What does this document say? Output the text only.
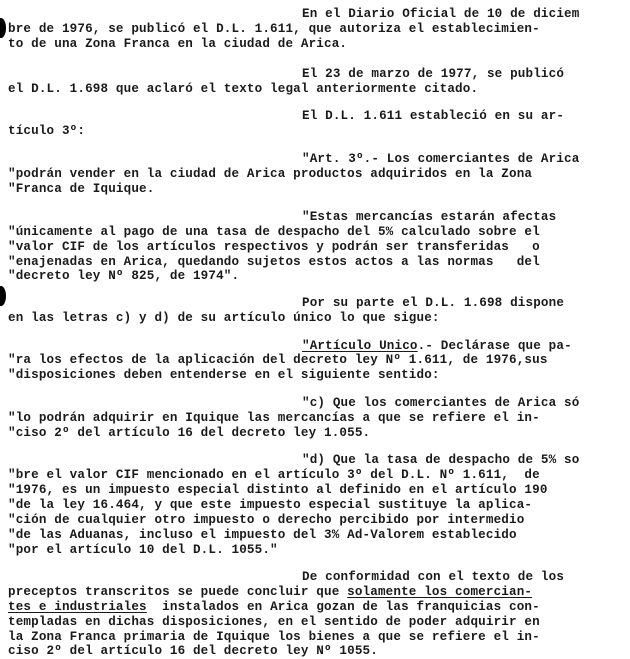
En el Diario Oficial de 10 de diciem
bre de 1976, se publicó el D.L. 1.611, que autoriza el establecimien-
to de una Zona Franca en la ciudad de Arica.
El 23 de marzo de 1977, se publicó
el D.L. 1.698 que aclaró el texto legal anteriormente citado.
El D.L. 1.611 estableció en su ar-
tículo 3º:
"Art. 3º.- Los comerciantes de Arica
"podrán vender en la ciudad de Arica productos adquiridos en la Zona
"Franca de Iquique.
"Estas mercancías estarán afectas
"únicamente al pago de una tasa de despacho del 5% calculado sobre el
"valor CIF de los artículos respectivos y podrán ser transferidas   o
"enajenadas en Arica, quedando sujetos estos actos a las normas   del
"decreto ley Nº 825, de 1974".
Por su parte el D.L. 1.698 dispone
en las letras c) y d) de su artículo único lo que sigue:
"Artículo Unico.- Declárase que pa-
"ra los efectos de la aplicación del decreto ley Nº 1.611, de 1976,sus
"disposiciones deben entenderse en el siguiente sentido:
"c) Que los comerciantes de Arica só
"lo podrán adquirir en Iquique las mercancías a que se refiere el in-
"ciso 2º del artículo 16 del decreto ley 1.055.
"d) Que la tasa de despacho de 5% so
"bre el valor CIF mencionado en el artículo 3º del D.L. Nº 1.611,  de
"1976, es un impuesto especial distinto al definido en el artículo 190
"de la ley 16.464, y que este impuesto especial sustituye la aplica-
"ción de cualquier otro impuesto o derecho percibido por intermedio
"de las Aduanas, incluso el impuesto del 3% Ad-Valorem establecido
"por el artículo 10 del D.L. 1055."
De conformidad con el texto de los
preceptos transcritos se puede concluir que solamente los comercian-
tes e industriales  instalados en Arica gozan de las franquicias con-
templadas en dichas disposiciones, en el sentido de poder adquirir en
la Zona Franca primaria de Iquique los bienes a que se refiere el in-
ciso 2º del artículo 16 del decreto ley Nº 1055.
